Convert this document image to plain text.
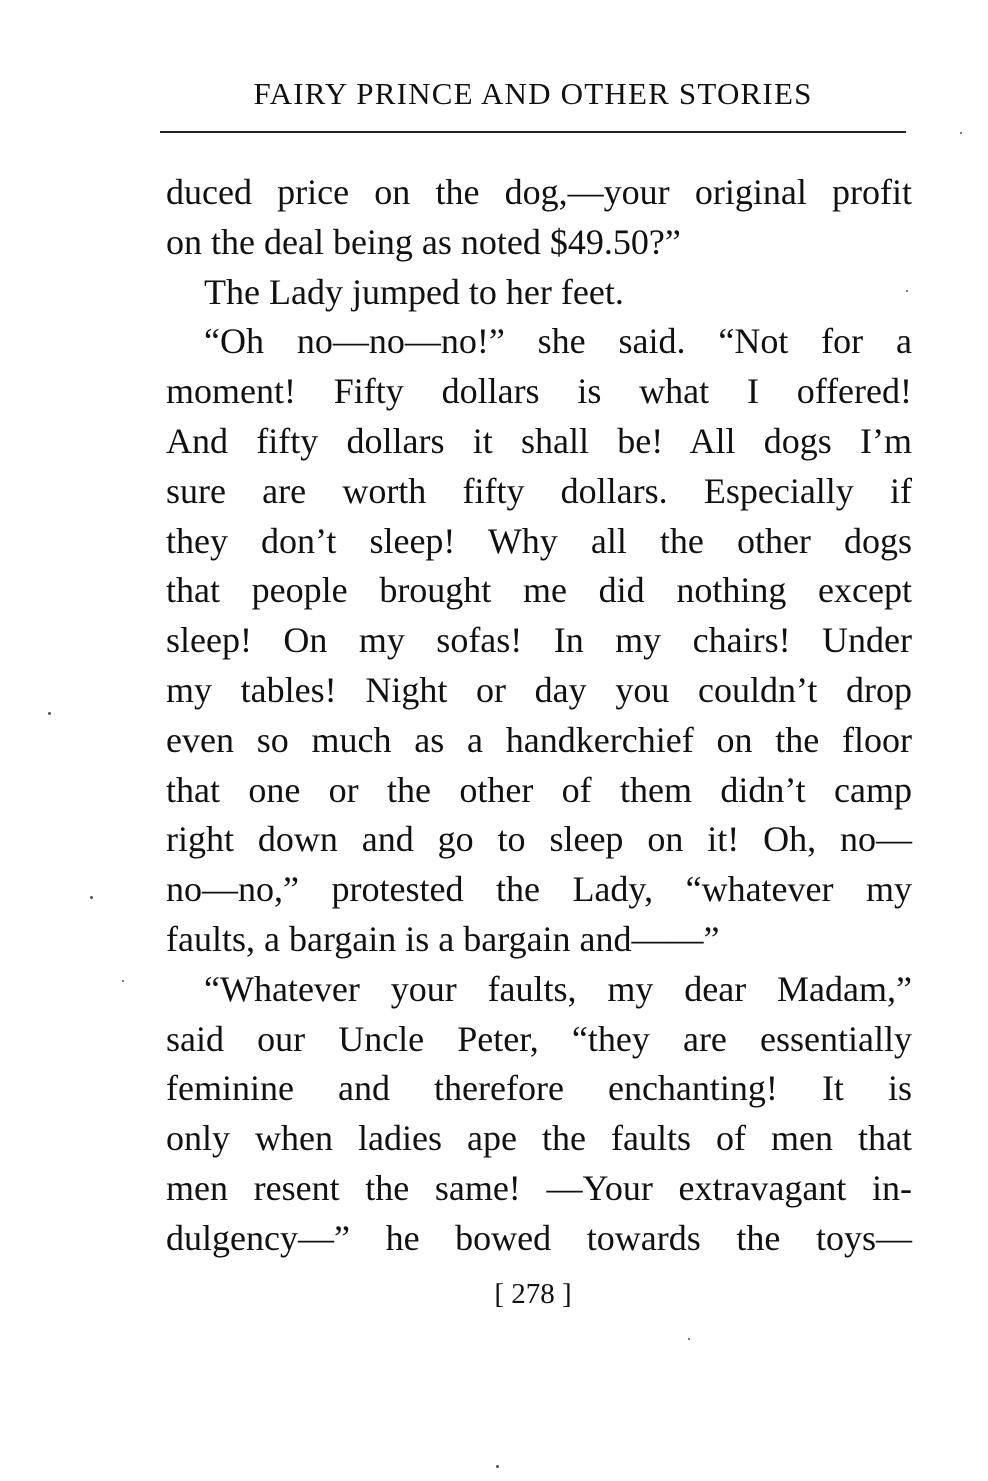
FAIRY PRINCE AND OTHER STORIES
duced price on the dog,—your original profit
on the deal being as noted $49.50?”
The Lady jumped to her feet.
“Oh no—no—no!” she said. “Not for a
moment! Fifty dollars is what I offered!
And fifty dollars it shall be! All dogs I’m
sure are worth fifty dollars. Especially if
they don’t sleep! Why all the other dogs
that people brought me did nothing except
sleep! On my sofas! In my chairs! Under
my tables! Night or day you couldn’t drop
even so much as a handkerchief on the floor
that one or the other of them didn’t camp
right down and go to sleep on it! Oh, no—
no—no,” protested the Lady, “whatever my
faults, a bargain is a bargain and——”
“Whatever your faults, my dear Madam,”
said our Uncle Peter, “they are essentially
feminine and therefore enchanting! It is
only when ladies ape the faults of men that
men resent the same! —Your extravagant in-
dulgency—” he bowed towards the toys—
[ 278 ]
